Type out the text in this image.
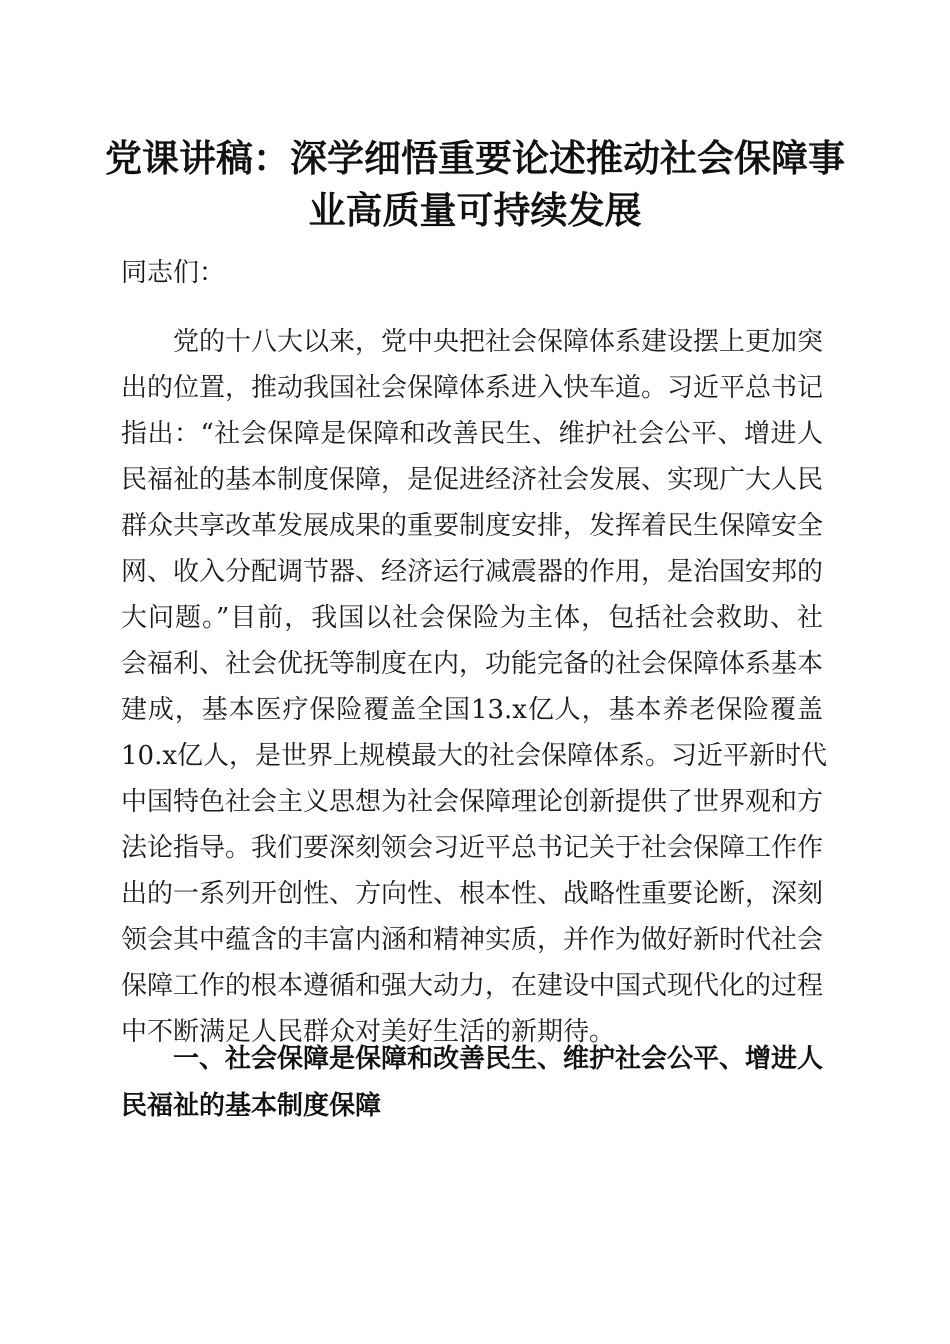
党课讲稿：深学细悟重要论述推动社会保障事
业高质量可持续发展

同志们：

党的十八大以来，党中央把社会保障体系建设摆上更加突
出的位置，推动我国社会保障体系进入快车道。习近平总书记
指出：“社会保障是保障和改善民生、维护社会公平、增进人
民福祉的基本制度保障，是促进经济社会发展、实现广大人民
群众共享改革发展成果的重要制度安排，发挥着民生保障安全
网、收入分配调节器、经济运行减震器的作用，是治国安邦的
大问题。”目前，我国以社会保险为主体，包括社会救助、社
会福利、社会优抚等制度在内，功能完备的社会保障体系基本
建成，基本医疗保险覆盖全国13.x亿人，基本养老保险覆盖
10.x亿人，是世界上规模最大的社会保障体系。习近平新时代
中国特色社会主义思想为社会保障理论创新提供了世界观和方
法论指导。我们要深刻领会习近平总书记关于社会保障工作作
出的一系列开创性、方向性、根本性、战略性重要论断，深刻
领会其中蕴含的丰富内涵和精神实质，并作为做好新时代社会
保障工作的根本遵循和强大动力，在建设中国式现代化的过程
中不断满足人民群众对美好生活的新期待。
一、社会保障是保障和改善民生、维护社会公平、增进人
民福祉的基本制度保障
